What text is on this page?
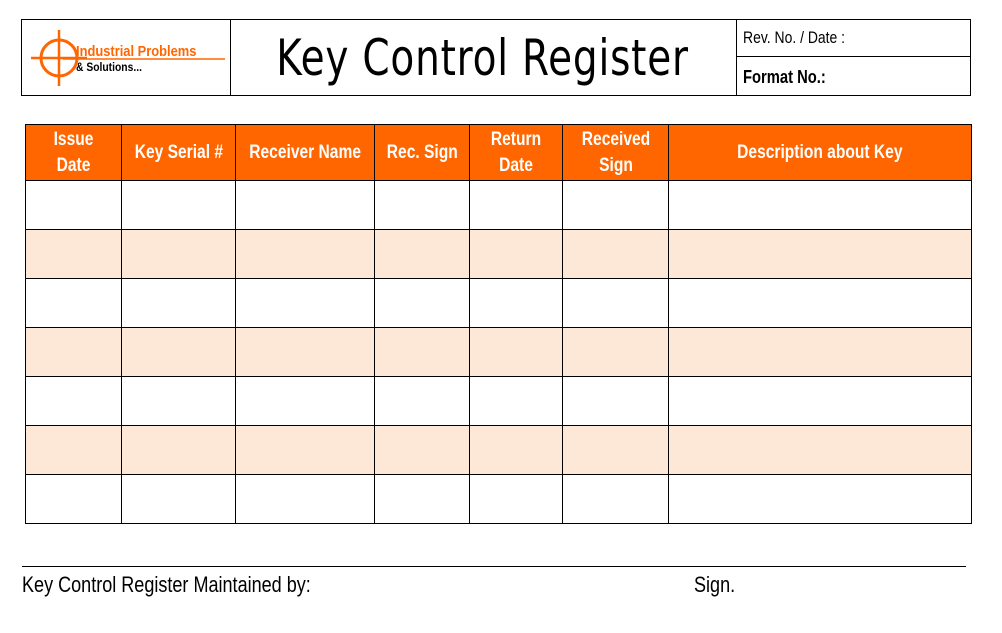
Industrial Problems
& Solutions...	Key Control Register	Rev. No. / Date :
Format No.:
Issue Date	Key Serial #	Receiver Name	Rec. Sign	Return Date	Received Sign	Description about Key

Key Control Register Maintained by:	Sign.
